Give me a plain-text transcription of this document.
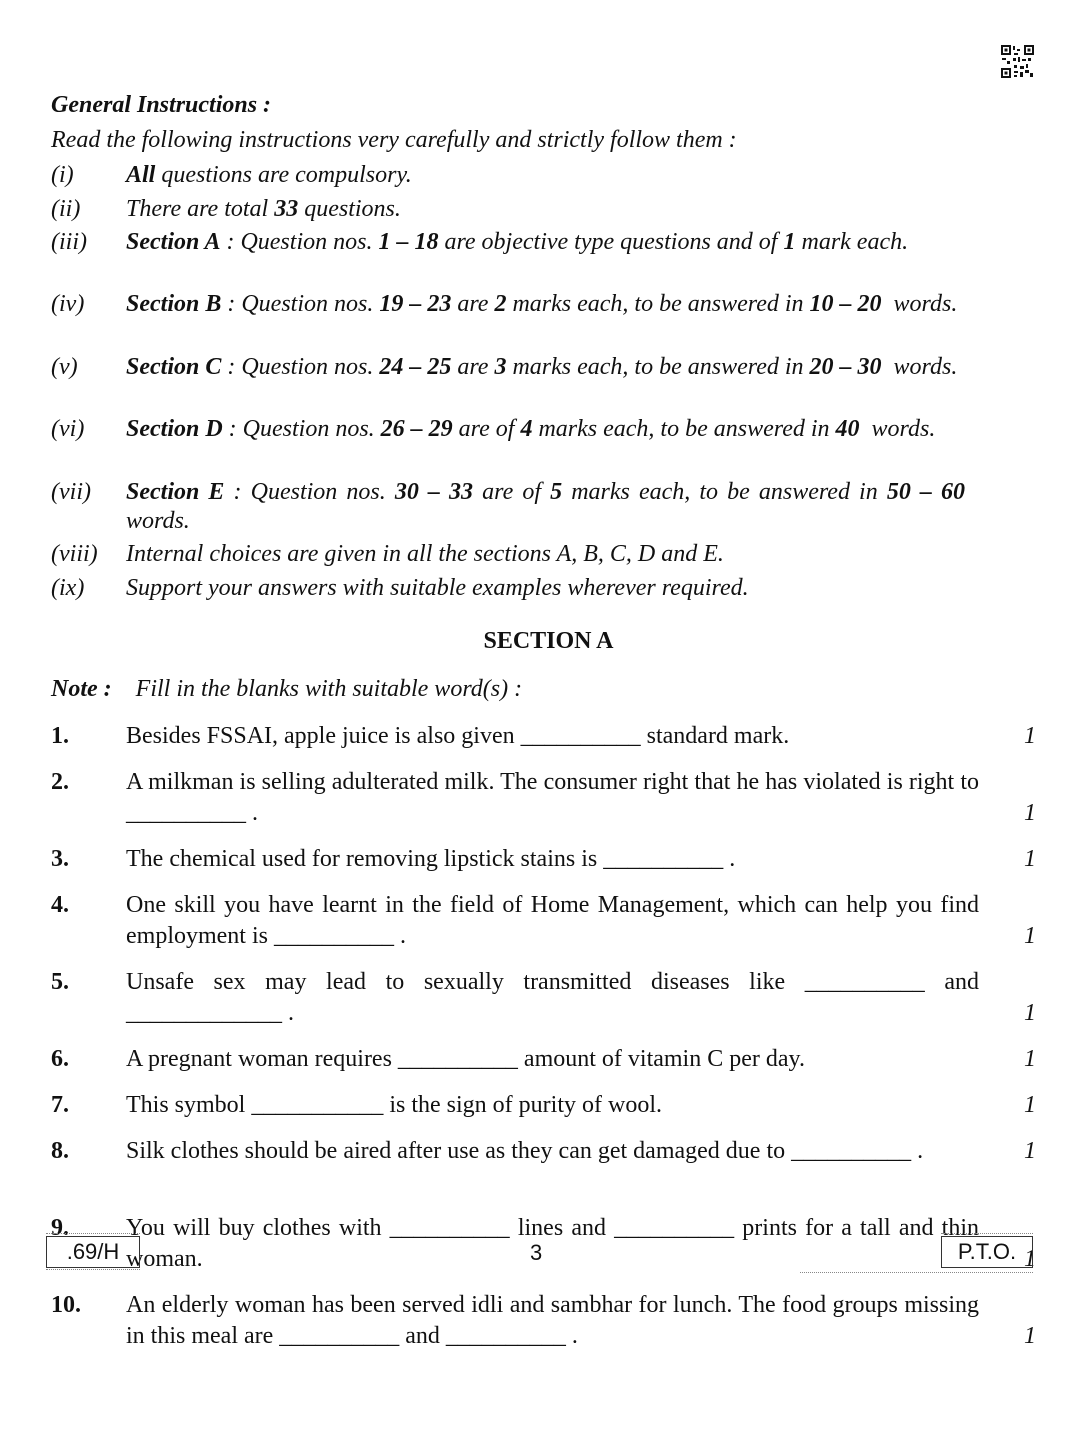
General Instructions :
Read the following instructions very carefully and strictly follow them :
(i) All questions are compulsory.
(ii) There are total 33 questions.
(iii) Section A : Question nos. 1 – 18 are objective type questions and of 1 mark each.
(iv) Section B : Question nos. 19 – 23 are 2 marks each, to be answered in 10 – 20  words.
(v) Section C : Question nos. 24 – 25 are 3 marks each, to be answered in 20 – 30  words.
(vi) Section D : Question nos. 26 – 29 are of 4 marks each, to be answered in 40  words.
(vii) Section E : Question nos. 30 – 33 are of 5 marks each, to be answered in 50 – 60  words.
(viii) Internal choices are given in all the sections A, B, C, D and E.
(ix) Support your answers with suitable examples wherever required.
SECTION A
Note : Fill in the blanks with suitable word(s) :
1. Besides FSSAI, apple juice is also given __________ standard mark.	1
2. A milkman is selling adulterated milk. The consumer right that he has violated is right to __________ .	1
3. The chemical used for removing lipstick stains is __________ .	1
4. One skill you have learnt in the field of Home Management, which can help you find employment is __________ .	1
5. Unsafe sex may lead to sexually transmitted diseases like __________ and _____________ .	1
6. A pregnant woman requires __________ amount of vitamin C per day.	1
7. This symbol ___________ is the sign of purity of wool.	1
8. Silk clothes should be aired after use as they can get damaged due to __________ .	1
9. You will buy clothes with __________ lines and __________ prints for a tall and thin woman.	1
10. An elderly woman has been served idli and sambhar for lunch. The food groups missing in this meal are __________ and __________ .	1
.69/H	3	P.T.O.
